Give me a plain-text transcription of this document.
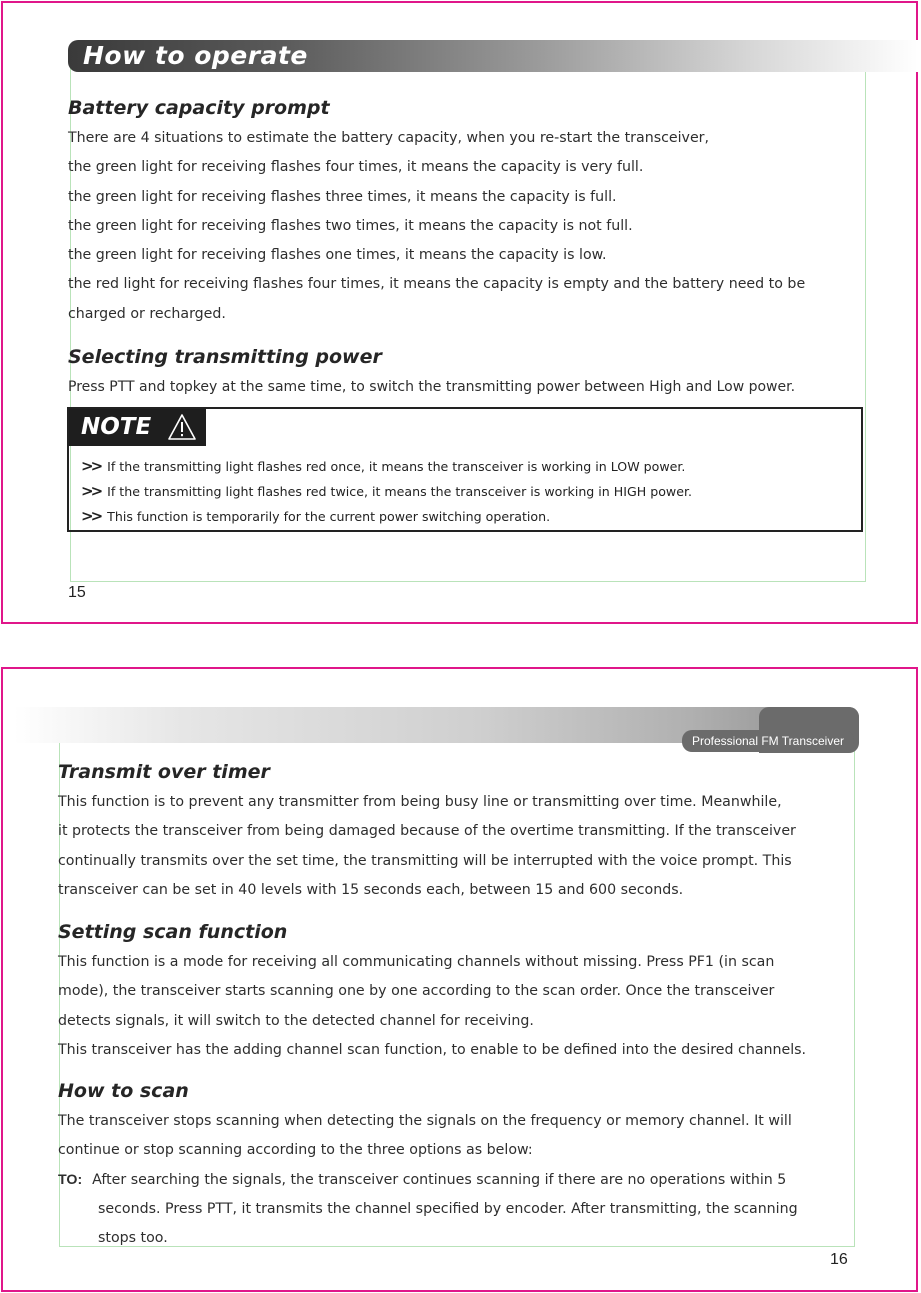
How to operate
Battery capacity prompt
There are 4 situations to estimate the battery capacity, when you re-start the transceiver,
the green light for receiving flashes four times, it means the capacity is very full.
the green light for receiving flashes three times, it means the capacity is full.
the green light for receiving flashes two times, it means the capacity is not full.
the green light for receiving flashes one times, it means the capacity is low.
the red light for receiving flashes four times, it means the capacity is empty and the battery need to be
charged or recharged.
Selecting transmitting power
Press PTT and topkey at the same time, to switch the transmitting power between High and Low power.
NOTE
>> If the transmitting light flashes red once, it means the transceiver is working in LOW power.
>> If the transmitting light flashes red twice, it means the transceiver is working in HIGH power.
>> This function is temporarily for the current power switching operation.
15
Professional FM Transceiver
Transmit over timer
This function is to prevent any transmitter from being busy line or transmitting over time. Meanwhile,
it protects the transceiver from being damaged because of the overtime transmitting. If the transceiver
continually transmits over the set time, the transmitting will be interrupted with the voice prompt. This
transceiver can be set in 40 levels with 15 seconds each, between 15 and 600 seconds.
Setting scan function
This function is a mode for receiving all communicating channels without missing. Press PF1 (in scan
mode), the transceiver starts scanning one by one according to the scan order. Once the transceiver
detects signals, it will switch to the detected channel for receiving.
This transceiver has the adding channel scan function, to enable to be defined into the desired channels.
How to scan
The transceiver stops scanning when detecting the signals on the frequency or memory channel. It will
continue or stop scanning according to the three options as below:
TO: After searching the signals, the transceiver continues scanning if there are no operations within 5
seconds. Press PTT, it transmits the channel specified by encoder. After transmitting, the scanning
stops too.
16
